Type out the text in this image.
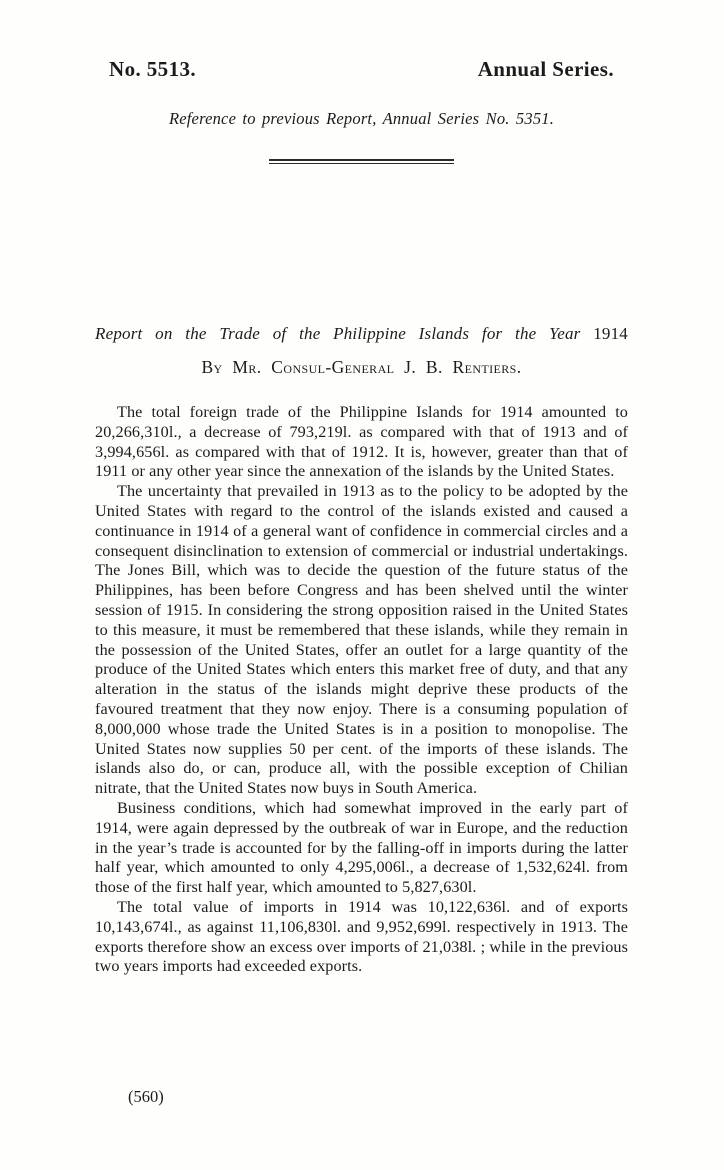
No. 5513.	Annual Series.
Reference to previous Report, Annual Series No. 5351.
Report on the Trade of the Philippine Islands for the Year 1914
By Mr. Consul-General J. B. Rentiers.

The total foreign trade of the Philippine Islands for 1914 amounted to 20,266,310l., a decrease of 793,219l. as compared with that of 1913 and of 3,994,656l. as compared with that of 1912. It is, however, greater than that of 1911 or any other year since the annexation of the islands by the United States.

The uncertainty that prevailed in 1913 as to the policy to be adopted by the United States with regard to the control of the islands existed and caused a continuance in 1914 of a general want of confidence in commercial circles and a consequent disinclination to extension of commercial or industrial undertakings. The Jones Bill, which was to decide the question of the future status of the Philippines, has been before Congress and has been shelved until the winter session of 1915. In considering the strong opposition raised in the United States to this measure, it must be remembered that these islands, while they remain in the possession of the United States, offer an outlet for a large quantity of the produce of the United States which enters this market free of duty, and that any alteration in the status of the islands might deprive these products of the favoured treatment that they now enjoy. There is a consuming population of 8,000,000 whose trade the United States is in a position to monopolise. The United States now supplies 50 per cent. of the imports of these islands. The islands also do, or can, produce all, with the possible exception of Chilian nitrate, that the United States now buys in South America.

Business conditions, which had somewhat improved in the early part of 1914, were again depressed by the outbreak of war in Europe, and the reduction in the year’s trade is accounted for by the falling-off in imports during the latter half year, which amounted to only 4,295,006l., a decrease of 1,532,624l. from those of the first half year, which amounted to 5,827,630l.

The total value of imports in 1914 was 10,122,636l. and of exports 10,143,674l., as against 11,106,830l. and 9,952,699l. respectively in 1913. The exports therefore show an excess over imports of 21,038l. ; while in the previous two years imports had exceeded exports.

(560)
